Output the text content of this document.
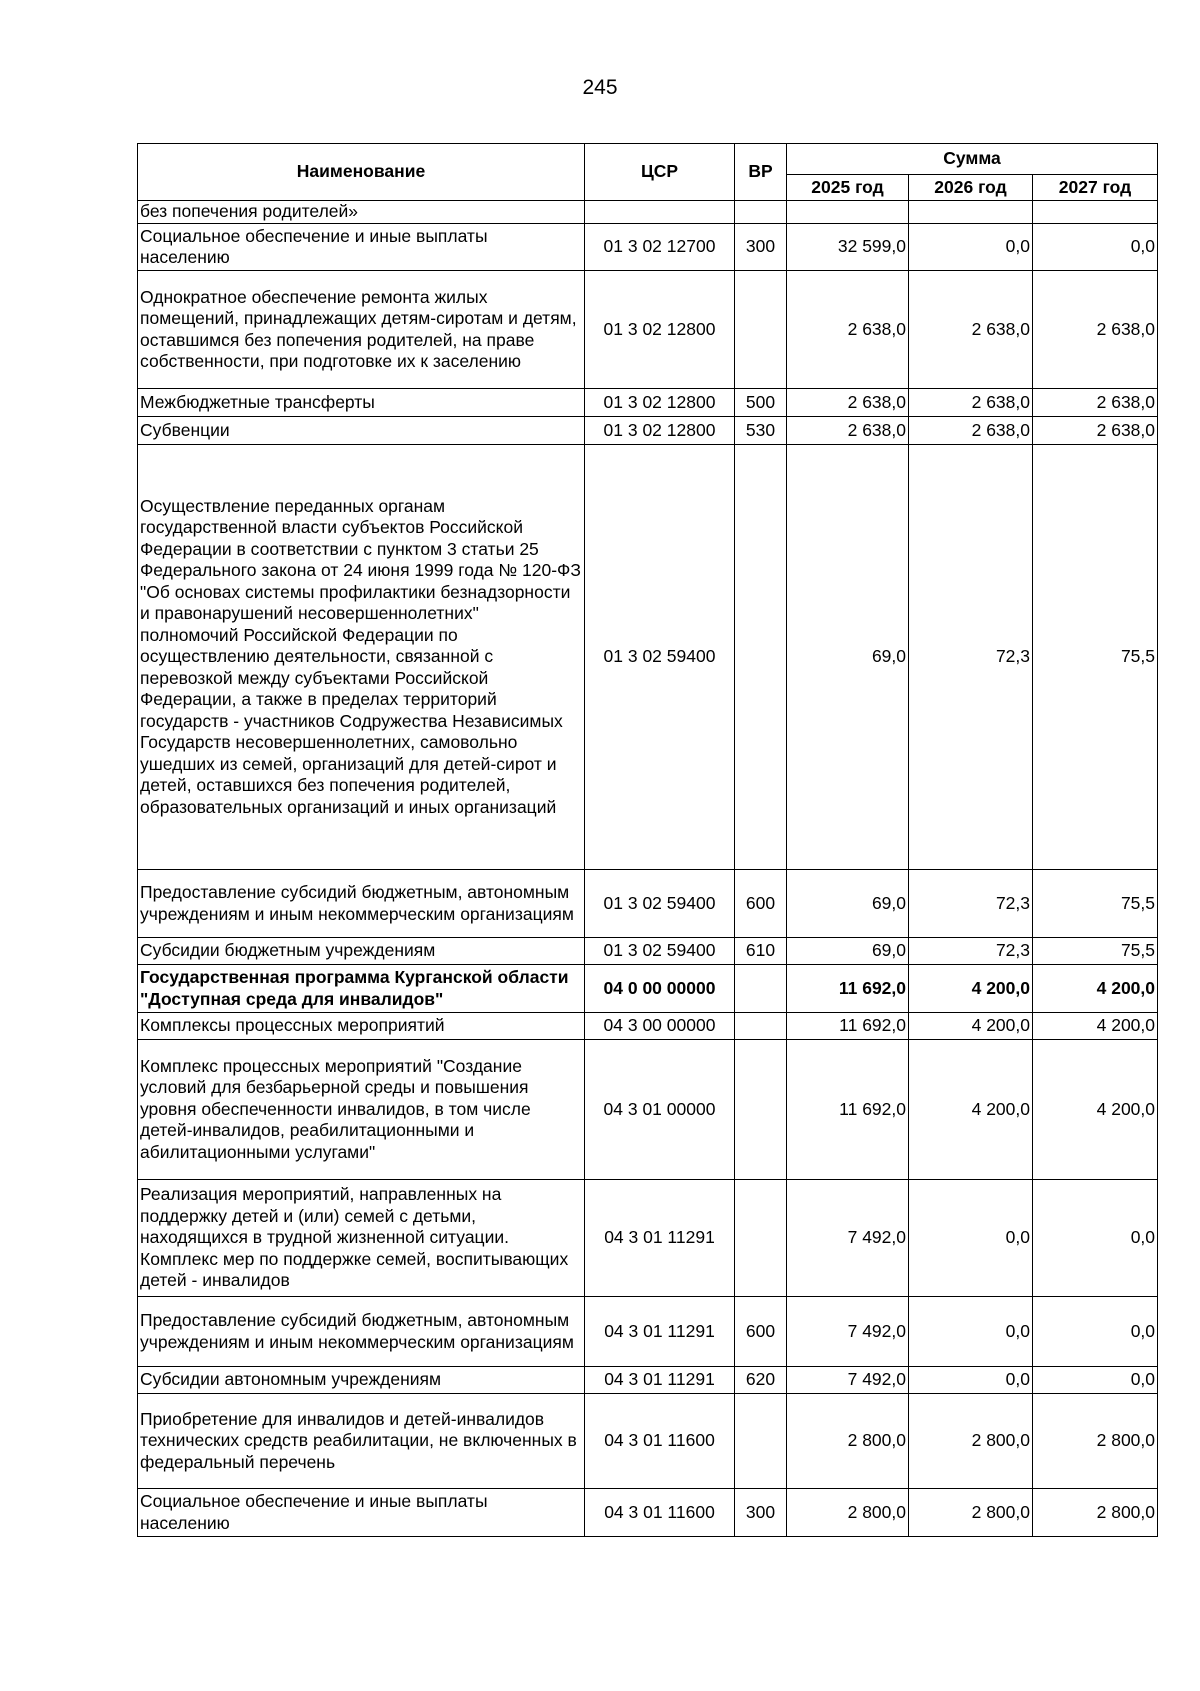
245
Наименование	ЦСР	ВР	Сумма		
			2025 год	2026 год	2027 год
без попечения родителей»					
Социальное обеспечение и иные выплаты населению	01 3 02 12700	300	32 599,0	0,0	0,0
Однократное обеспечение ремонта жилых помещений, принадлежащих детям-сиротам и детям, оставшимся без попечения родителей, на праве собственности, при подготовке их к заселению	01 3 02 12800		2 638,0	2 638,0	2 638,0
Межбюджетные трансферты	01 3 02 12800	500	2 638,0	2 638,0	2 638,0
Субвенции	01 3 02 12800	530	2 638,0	2 638,0	2 638,0
Осуществление переданных органам государственной власти субъектов Российской Федерации в соответствии с пунктом 3 статьи 25 Федерального закона от 24 июня 1999 года № 120-ФЗ "Об основах системы профилактики безнадзорности и правонарушений несовершеннолетних" полномочий Российской Федерации по осуществлению деятельности, связанной с перевозкой между субъектами Российской Федерации, а также в пределах территорий государств - участников Содружества Независимых Государств несовершеннолетних, самовольно ушедших из семей, организаций для детей-сирот и детей, оставшихся без попечения родителей, образовательных организаций и иных организаций	01 3 02 59400		69,0	72,3	75,5
Предоставление субсидий бюджетным, автономным учреждениям и иным некоммерческим организациям	01 3 02 59400	600	69,0	72,3	75,5
Субсидии бюджетным учреждениям	01 3 02 59400	610	69,0	72,3	75,5
Государственная программа Курганской области "Доступная среда для инвалидов"	04 0 00 00000		11 692,0	4 200,0	4 200,0
Комплексы процессных мероприятий	04 3 00 00000		11 692,0	4 200,0	4 200,0
Комплекс процессных мероприятий "Создание условий для безбарьерной среды и повышения уровня обеспеченности инвалидов, в том числе детей-инвалидов, реабилитационными и абилитационными услугами"	04 3 01 00000		11 692,0	4 200,0	4 200,0
Реализация мероприятий, направленных на поддержку детей и (или) семей с детьми, находящихся в трудной жизненной ситуации. Комплекс мер по поддержке семей, воспитывающих детей - инвалидов	04 3 01 11291		7 492,0	0,0	0,0
Предоставление субсидий бюджетным, автономным учреждениям и иным некоммерческим организациям	04 3 01 11291	600	7 492,0	0,0	0,0
Субсидии автономным учреждениям	04 3 01 11291	620	7 492,0	0,0	0,0
Приобретение для инвалидов и детей-инвалидов технических средств реабилитации, не включенных в федеральный перечень	04 3 01 11600		2 800,0	2 800,0	2 800,0
Социальное обеспечение и иные выплаты населению	04 3 01 11600	300	2 800,0	2 800,0	2 800,0
